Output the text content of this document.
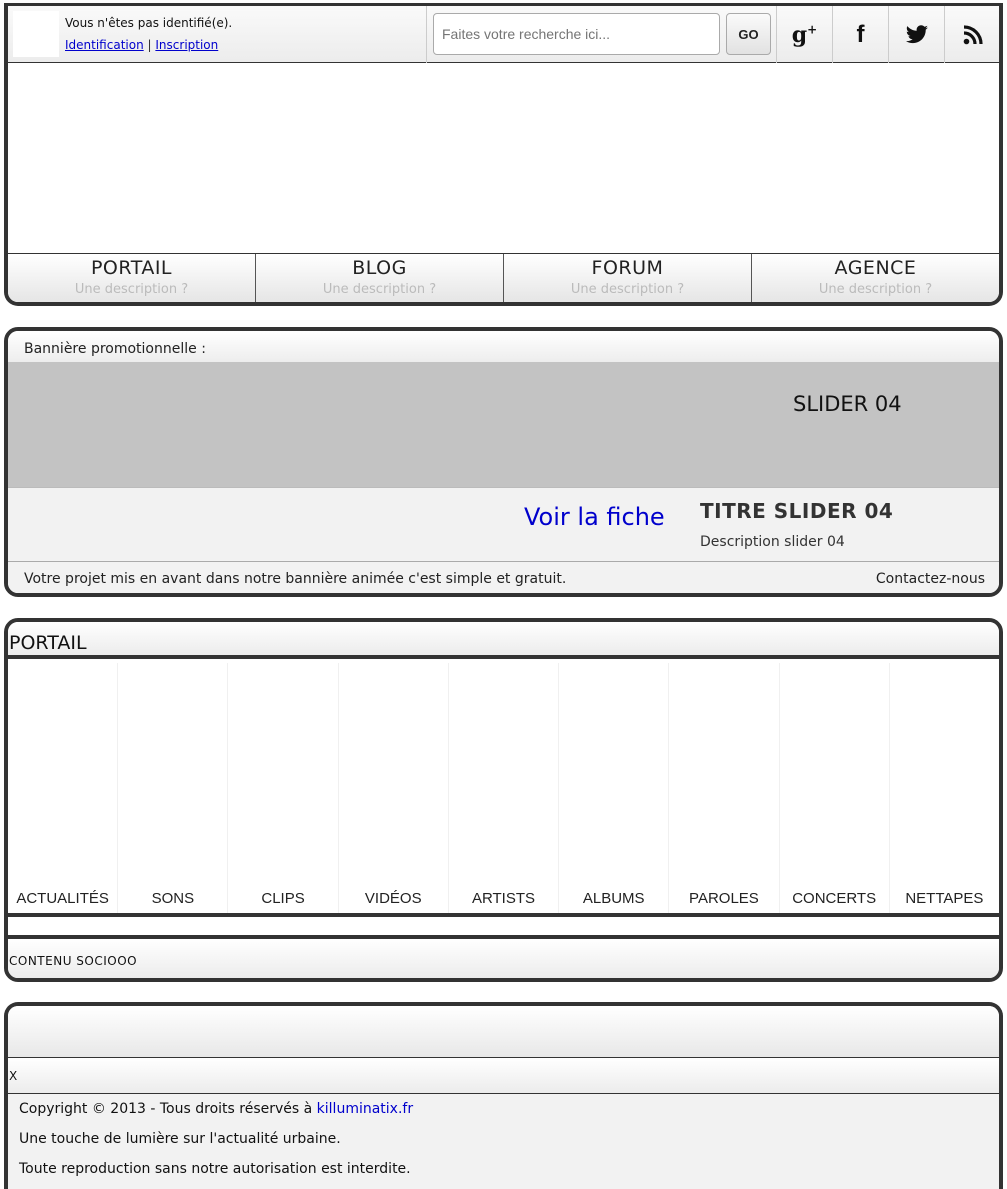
Vous n'êtes pas identifié(e).
Identification | Inscription
Faites votre recherche ici...
GO	g+ f
PORTAIL
Une description ?
BLOG
Une description ?
FORUM
Une description ?
AGENCE
Une description ?
Bannière promotionnelle :
SLIDER 04
Voir la fiche TITRE SLIDER 04
Description slider 04
Votre projet mis en avant dans notre bannière animée c'est simple et gratuit.	Contactez-nous
PORTAIL
ACTUALITÉS	SONS	CLIPS	VIDÉOS	ARTISTS	ALBUMS	PAROLES	CONCERTS	NETTAPES
CONTENU SOCIOOO
X
Copyright © 2013 - Tous droits réservés à killuminatix.fr
Une touche de lumière sur l'actualité urbaine.
Toute reproduction sans notre autorisation est interdite.
